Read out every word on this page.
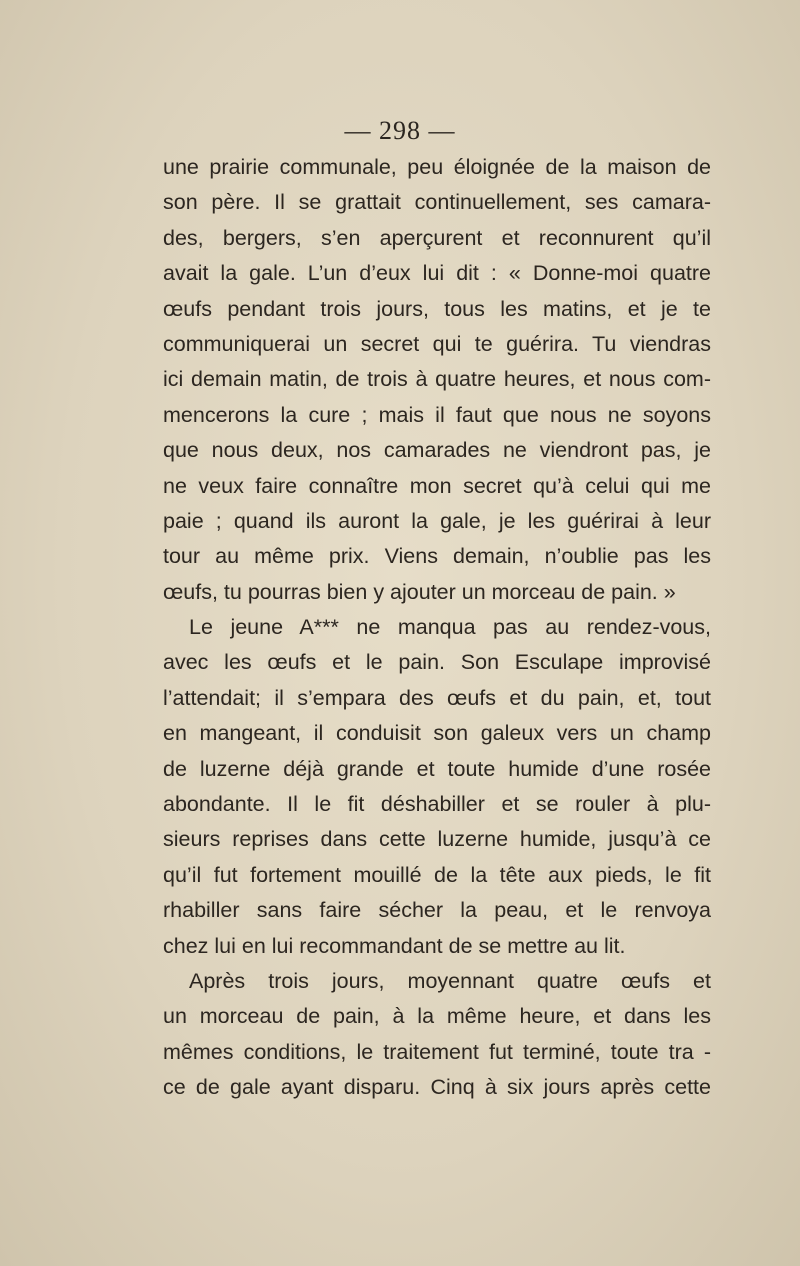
— 298 —
une prairie communale, peu éloignée de la maison de
son père. Il se grattait continuellement, ses camara-
des, bergers, s’en aperçurent et reconnurent qu’il
avait la gale. L’un d’eux lui dit : « Donne-moi quatre
œufs pendant trois jours, tous les matins, et je te
communiquerai un secret qui te guérira. Tu viendras
ici demain matin, de trois à quatre heures, et nous com-
mencerons la cure ; mais il faut que nous ne soyons
que nous deux, nos camarades ne viendront pas, je
ne veux faire connaître mon secret qu’à celui qui me
paie ; quand ils auront la gale, je les guérirai à leur
tour au même prix. Viens demain, n’oublie pas les
œufs, tu pourras bien y ajouter un morceau de pain. »
Le jeune A*** ne manqua pas au rendez-vous,
avec les œufs et le pain. Son Esculape improvisé
l’attendait; il s’empara des œufs et du pain, et, tout
en mangeant, il conduisit son galeux vers un champ
de luzerne déjà grande et toute humide d’une rosée
abondante. Il le fit déshabiller et se rouler à plu-
sieurs reprises dans cette luzerne humide, jusqu’à ce
qu’il fut fortement mouillé de la tête aux pieds, le fit
rhabiller sans faire sécher la peau, et le renvoya
chez lui en lui recommandant de se mettre au lit.
Après trois jours, moyennant quatre œufs et
un morceau de pain, à la même heure, et dans les
mêmes conditions, le traitement fut terminé, toute tra -
ce de gale ayant disparu. Cinq à six jours après cette
